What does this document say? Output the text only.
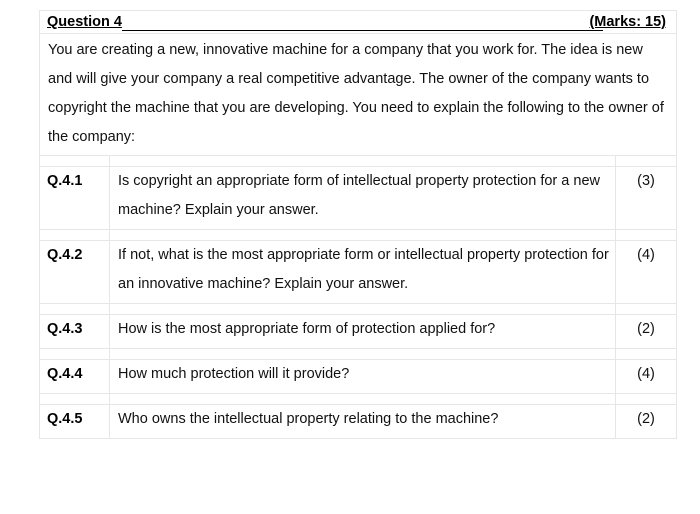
Question 4 (Marks: 15)		

You are creating a new, innovative machine for a company that you work for. The idea is new and will give your company a real competitive advantage. The owner of the company wants to copyright the machine that you are developing. You need to explain the following to the owner of the company:		

Q.4.1	Is copyright an appropriate form of intellectual property protection for a new machine? Explain your answer.	(3)

Q.4.2	If not, what is the most appropriate form or intellectual property protection for an innovative machine? Explain your answer.	(4)

Q.4.3	How is the most appropriate form of protection applied for?	(2)

Q.4.4	How much protection will it provide?	(4)

Q.4.5	Who owns the intellectual property relating to the machine?	(2)
